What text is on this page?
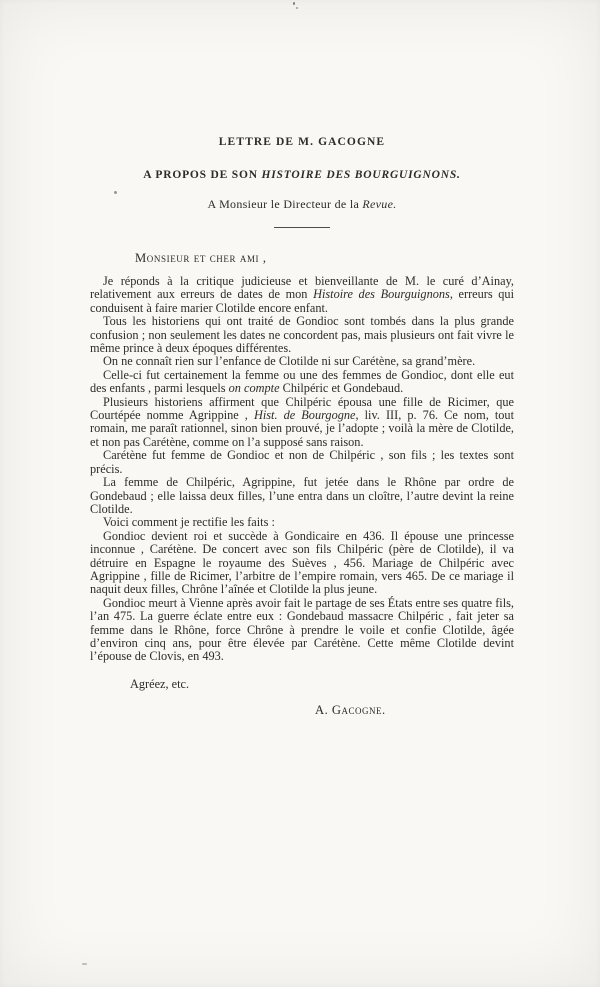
LETTRE DE M. GACOGNE
A PROPOS DE SON HISTOIRE DES BOURGUIGNONS.
A Monsieur le Directeur de la Revue.
Monsieur et cher ami ,

Je réponds à la critique judicieuse et bienveillante de M. le curé d’Ainay, relativement aux erreurs de dates de mon Histoire des Bourguignons, erreurs qui conduisent à faire marier Clotilde encore enfant.

Tous les historiens qui ont traité de Gondioc sont tombés dans la plus grande confusion ; non seulement les dates ne concordent pas, mais plusieurs ont fait vivre le même prince à deux époques différentes.

On ne connaît rien sur l’enfance de Clotilde ni sur Carétène, sa grand’mère.

Celle-ci fut certainement la femme ou une des femmes de Gondioc, dont elle eut des enfants , parmi lesquels on compte Chilpéric et Gondebaud.

Plusieurs historiens affirment que Chilpéric épousa une fille de Ricimer, que Courtépée nomme Agrippine , Hist. de Bourgogne, liv. III, p. 76. Ce nom, tout romain, me paraît rationnel, sinon bien prouvé, je l’adopte ; voilà la mère de Clotilde, et non pas Carétène, comme on l’a supposé sans raison.

Carétène fut femme de Gondioc et non de Chilpéric , son fils ; les textes sont précis.

La femme de Chilpéric, Agrippine, fut jetée dans le Rhône par ordre de Gondebaud ; elle laissa deux filles, l’une entra dans un cloître, l’autre devint la reine Clotilde.

Voici comment je rectifie les faits :

Gondioc devient roi et succède à Gondicaire en 436. Il épouse une princesse inconnue , Carétène. De concert avec son fils Chilpéric (père de Clotilde), il va détruire en Espagne le royaume des Suèves , 456. Mariage de Chilpéric avec Agrippine , fille de Ricimer, l’arbitre de l’empire romain, vers 465. De ce mariage il naquit deux filles, Chrône l’aînée et Clotilde la plus jeune.

Gondioc meurt à Vienne après avoir fait le partage de ses États entre ses quatre fils, l’an 475. La guerre éclate entre eux : Gondebaud massacre Chilpéric , fait jeter sa femme dans le Rhône, force Chrône à prendre le voile et confie Clotilde, âgée d’environ cinq ans, pour être élevée par Carétène. Cette même Clotilde devint l’épouse de Clovis, en 493.

Agréez, etc.
A. Gacogne.
